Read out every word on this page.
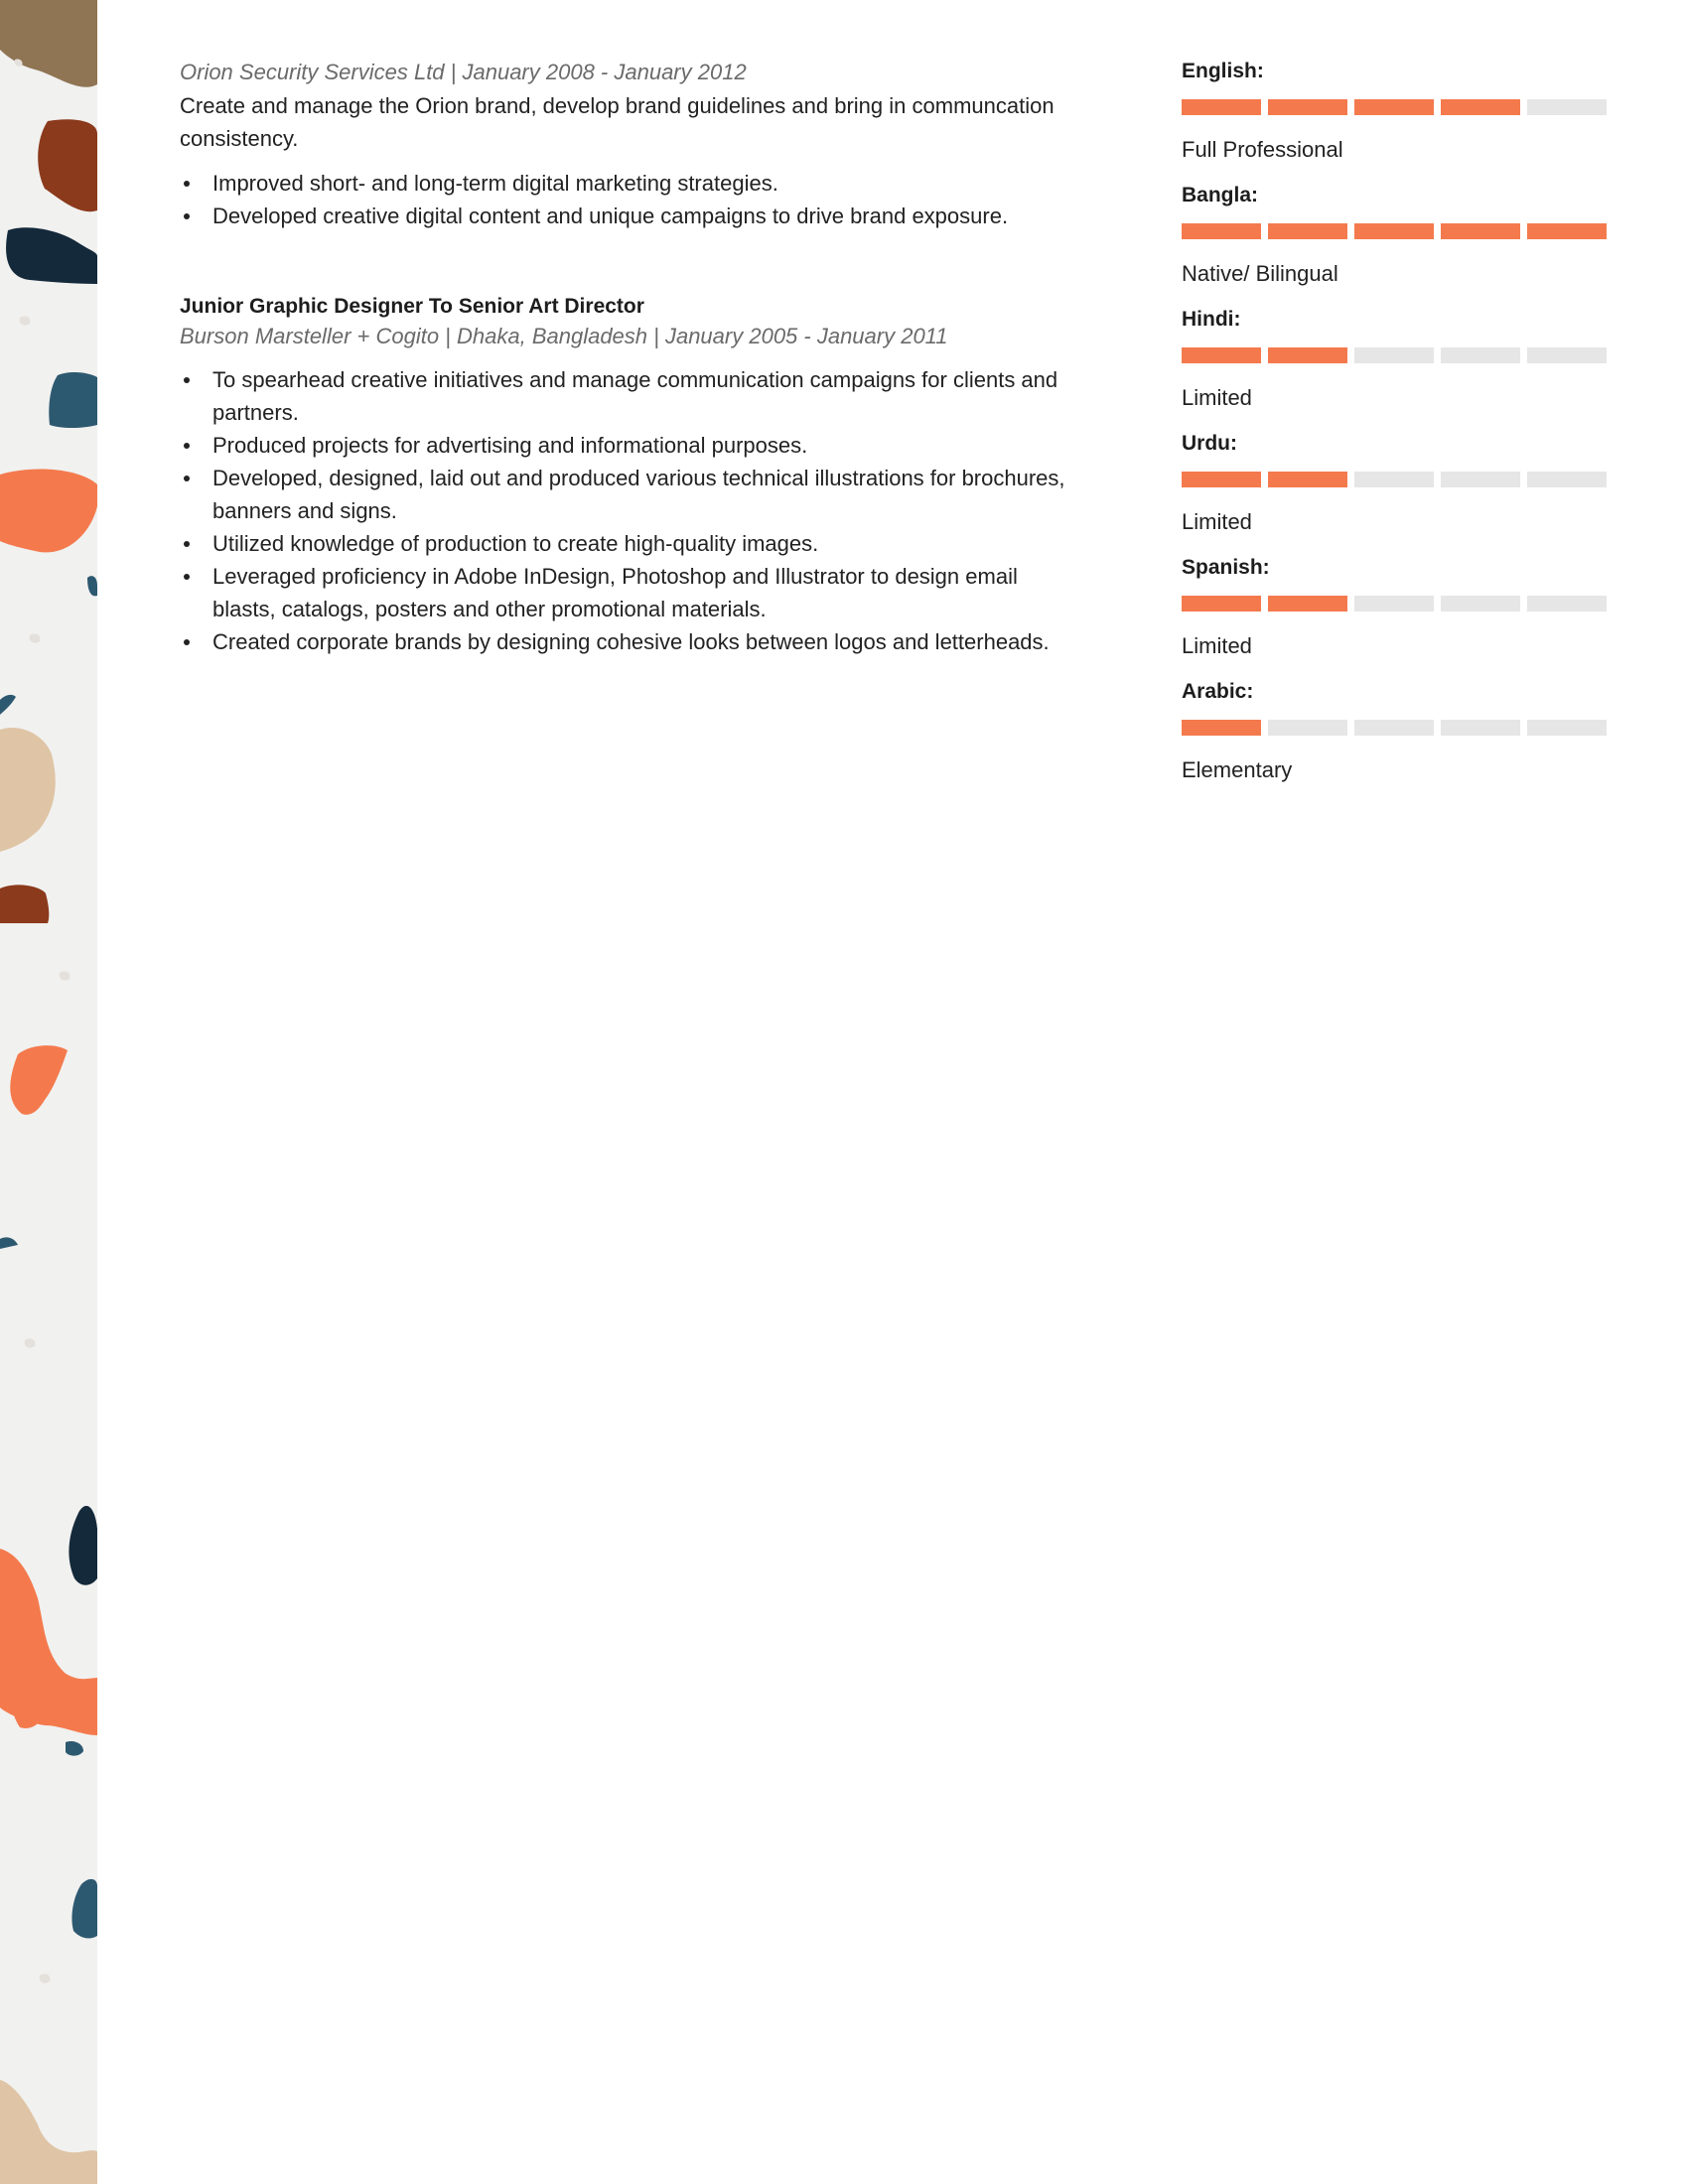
Orion Security Services Ltd | January 2008 - January 2012

Create and manage the Orion brand, develop brand guidelines and bring in communcation consistency.

Improved short- and long-term digital marketing strategies.
Developed creative digital content and unique campaigns to drive brand exposure.

Junior Graphic Designer To Senior Art Director

Burson Marsteller + Cogito | Dhaka, Bangladesh | January 2005 - January 2011

To spearhead creative initiatives and manage communication campaigns for clients and partners.
Produced projects for advertising and informational purposes.
Developed, designed, laid out and produced various technical illustrations for brochures, banners and signs.
Utilized knowledge of production to create high-quality images.
Leveraged proficiency in Adobe InDesign, Photoshop and Illustrator to design email blasts, catalogs, posters and other promotional materials.
Created corporate brands by designing cohesive looks between logos and letterheads.
English:
Full Professional
Bangla:
Native/ Bilingual
Hindi:
Limited
Urdu:
Limited
Spanish:
Limited
Arabic:
Elementary
